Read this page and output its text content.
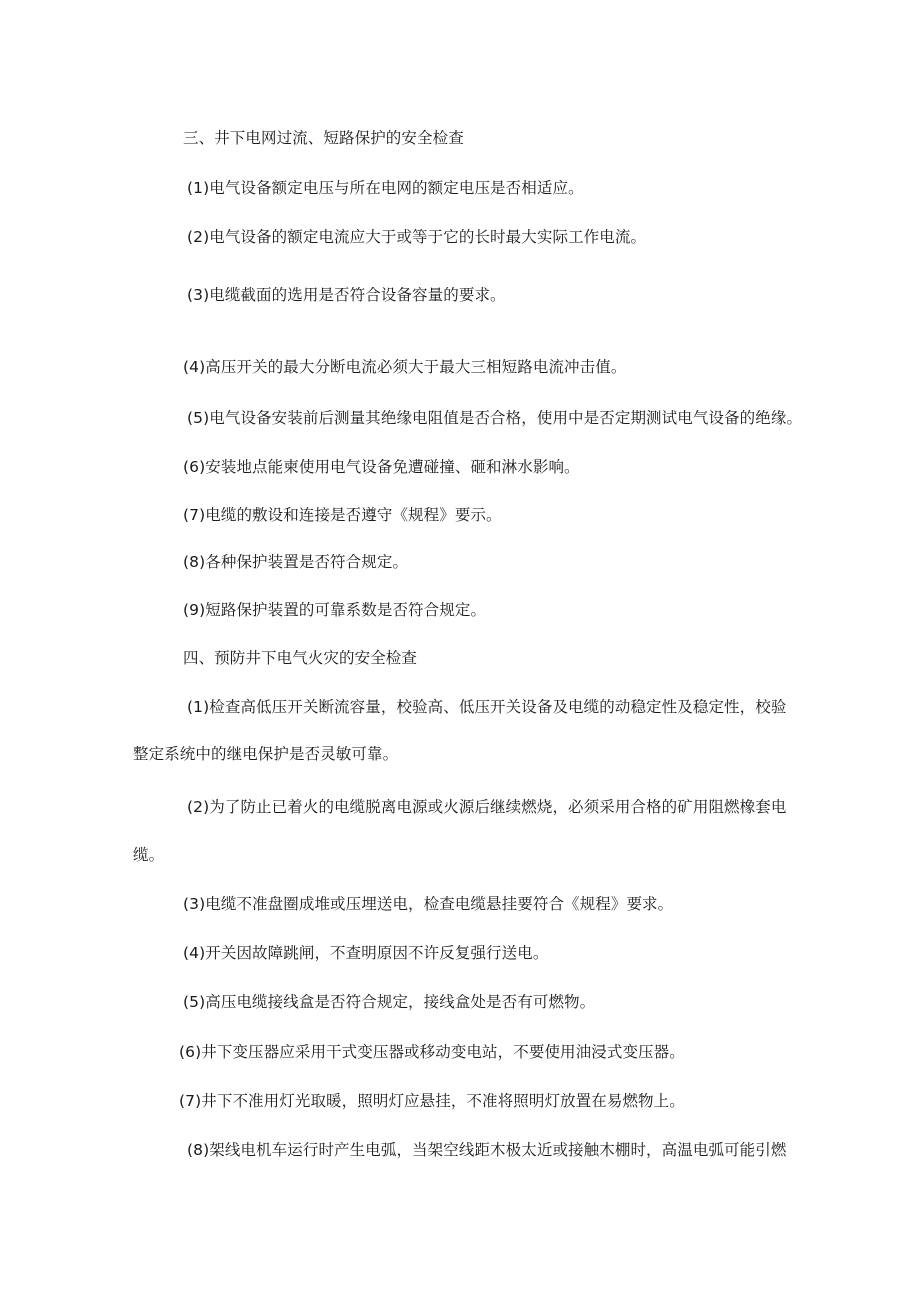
三、井下电网过流、短路保护的安全检查
(1)电气设备额定电压与所在电网的额定电压是否相适应。
(2)电气设备的额定电流应大于或等于它的长时最大实际工作电流。
(3)电缆截面的选用是否符合设备容量的要求。
(4)高压开关的最大分断电流必须大于最大三相短路电流冲击值。
(5)电气设备安装前后测量其绝缘电阻值是否合格，使用中是否定期测试电气设备的绝缘。
(6)安装地点能柬使用电气设备免遭碰撞、砸和淋水影响。
(7)电缆的敷设和连接是否遵守《规程》要示。
(8)各种保护装置是否符合规定。
(9)短路保护装置的可靠系数是否符合规定。
四、预防井下电气火灾的安全检查
(1)检查高低压开关断流容量，校验高、低压开关设备及电缆的动稳定性及稳定性，校验
整定系统中的继电保护是否灵敏可靠。
(2)为了防止已着火的电缆脱离电源或火源后继续燃烧，必须采用合格的矿用阻燃橡套电
缆。
(3)电缆不准盘圈成堆或压埋送电，检查电缆悬挂要符合《规程》要求。
(4)开关因故障跳闸，不查明原因不许反复强行送电。
(5)高压电缆接线盒是否符合规定，接线盒处是否有可燃物。
(6)井下变压器应采用干式变压器或移动变电站，不要使用油浸式变压器。
(7)井下不准用灯光取暖，照明灯应悬挂，不准将照明灯放置在易燃物上。
(8)架线电机车运行时产生电弧，当架空线距木极太近或接触木棚时，高温电弧可能引燃
